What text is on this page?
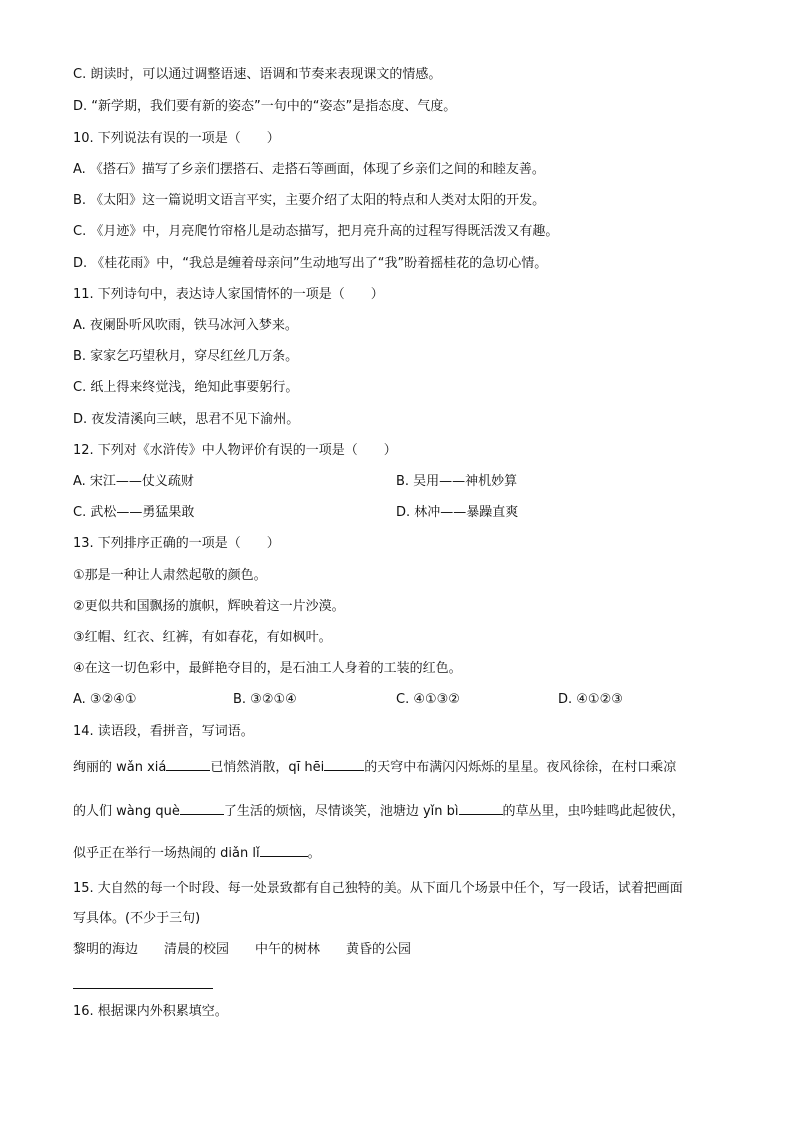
C. 朗读时，可以通过调整语速、语调和节奏来表现课文的情感。
D. “新学期，我们要有新的姿态”一句中的“姿态”是指态度、气度。
10. 下列说法有误的一项是（　　）
A. 《搭石》描写了乡亲们摆搭石、走搭石等画面，体现了乡亲们之间的和睦友善。
B. 《太阳》这一篇说明文语言平实，主要介绍了太阳的特点和人类对太阳的开发。
C. 《月迹》中，月亮爬竹帘格儿是动态描写，把月亮升高的过程写得既活泼又有趣。
D. 《桂花雨》中，“我总是缠着母亲问”生动地写出了“我”盼着摇桂花的急切心情。
11. 下列诗句中，表达诗人家国情怀的一项是（　　）
A. 夜阑卧听风吹雨，铁马冰河入梦来。
B. 家家乞巧望秋月，穿尽红丝几万条。
C. 纸上得来终觉浅，绝知此事要躬行。
D. 夜发清溪向三峡，思君不见下渝州。
12. 下列对《水浒传》中人物评价有误的一项是（　　）
A. 宋江——仗义疏财	B. 吴用——神机妙算
C. 武松——勇猛果敢	D. 林冲——暴躁直爽
13. 下列排序正确的一项是（　　）
①那是一种让人肃然起敬的颜色。
②更似共和国飘扬的旗帜，辉映着这一片沙漠。
③红帽、红衣、红裤，有如春花，有如枫叶。
④在这一切色彩中，最鲜艳夺目的，是石油工人身着的工装的红色。
A. ③②④①	B. ③②①④	C. ④①③②	D. ④①②③
14. 读语段，看拼音，写词语。
绚丽的 wǎn xiá	已悄然消散，qī hēi	的天穹中布满闪闪烁烁的星星。夜风徐徐，在村口乘凉
的人们 wàng què	了生活的烦恼，尽情谈笑，池塘边 yǐn bì	的草丛里，虫吟蛙鸣此起彼伏，
似乎正在举行一场热闹的 diǎn lǐ	。
15. 大自然的每一个时段、每一处景致都有自己独特的美。从下面几个场景中任个，写一段话，试着把画面
写具体。(不少于三句)
黎明的海边　　清晨的校园　　中午的树林　　黄昏的公园
16. 根据课内外积累填空。
